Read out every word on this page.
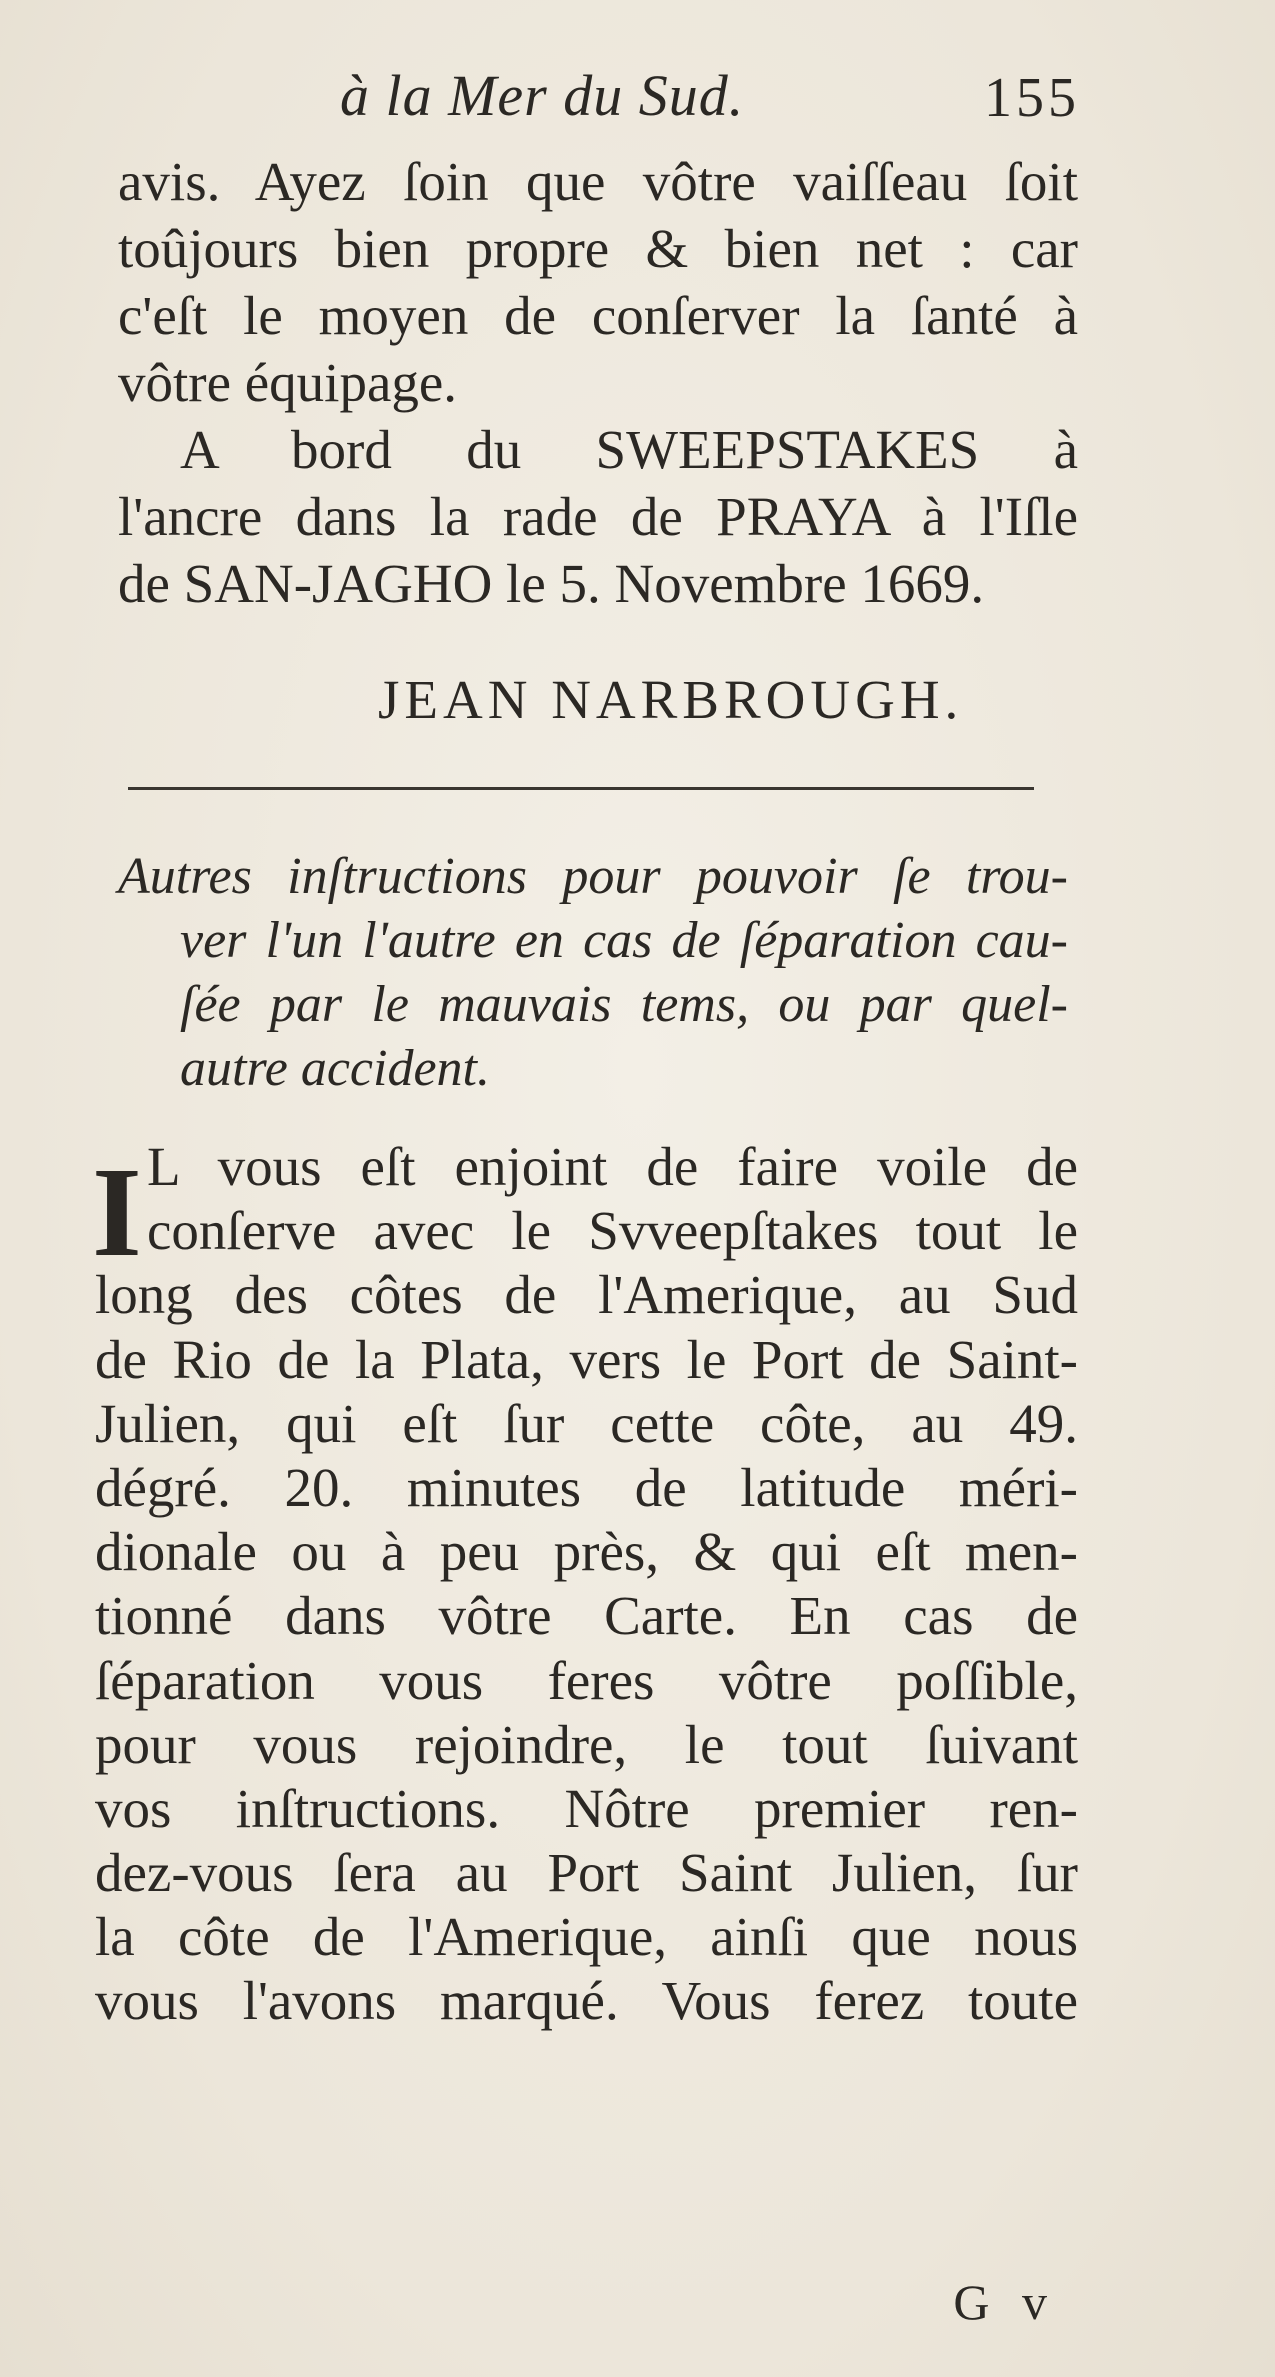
à la Mer du Sud.	155
avis. Ayez ſoin que vôtre vaiſſeau ſoit
toûjours bien propre & bien net : car
c'eſt le moyen de conſerver la ſanté à
vôtre équipage.
A bord du SWEEPSTAKES à
l'ancre dans la rade de PRAYA à l'Iſle
de SAN-JAGHO le 5. Novembre 1669.
JEAN NARBROUGH.
Autres inſtructions pour pouvoir ſe trou-
ver l'un l'autre en cas de ſéparation cau-
ſée par le mauvais tems, ou par quel-
autre accident.
I L vous eſt enjoint de faire voile de
conſerve avec le Svveepſtakes tout le
long des côtes de l'Amerique, au Sud
de Rio de la Plata, vers le Port de Saint-
Julien, qui eſt ſur cette côte, au 49.
dégré. 20. minutes de latitude méri-
dionale ou à peu près, & qui eſt men-
tionné dans vôtre Carte. En cas de
ſéparation vous feres vôtre poſſible,
pour vous rejoindre, le tout ſuivant
vos inſtructions. Nôtre premier ren-
dez-vous ſera au Port Saint Julien, ſur
la côte de l'Amerique, ainſi que nous
vous l'avons marqué. Vous ferez toute
G v
